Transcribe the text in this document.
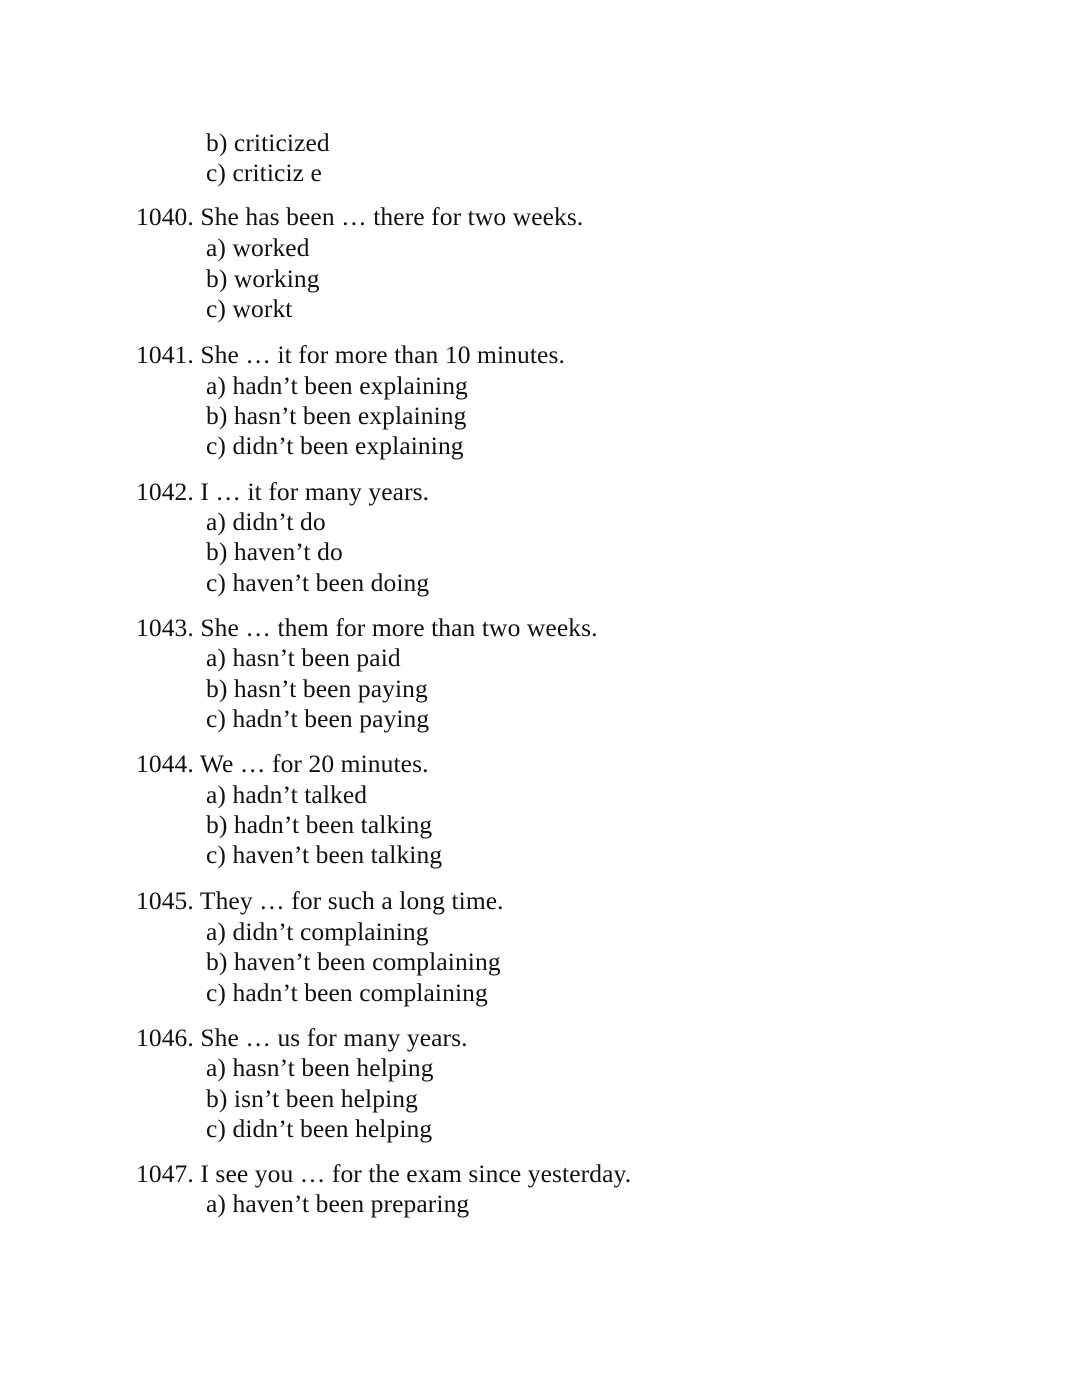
b) criticized
c) criticiz e
1040. She has been … there for two weeks.
a) worked
b) working
c) workt
1041. She … it for more than 10 minutes.
a) hadn’t been explaining
b) hasn’t been explaining
c) didn’t been explaining
1042. I … it for many years.
a) didn’t do
b) haven’t do
c) haven’t been doing
1043. She … them for more than two weeks.
a) hasn’t been paid
b) hasn’t been paying
c) hadn’t been paying
1044. We … for 20 minutes.
a) hadn’t talked
b) hadn’t been talking
c) haven’t been talking
1045. They … for such a long time.
a) didn’t complaining
b) haven’t been complaining
c) hadn’t been complaining
1046. She … us for many years.
a) hasn’t been helping
b) isn’t been helping
c) didn’t been helping
1047. I see you … for the exam since yesterday.
a) haven’t been preparing
